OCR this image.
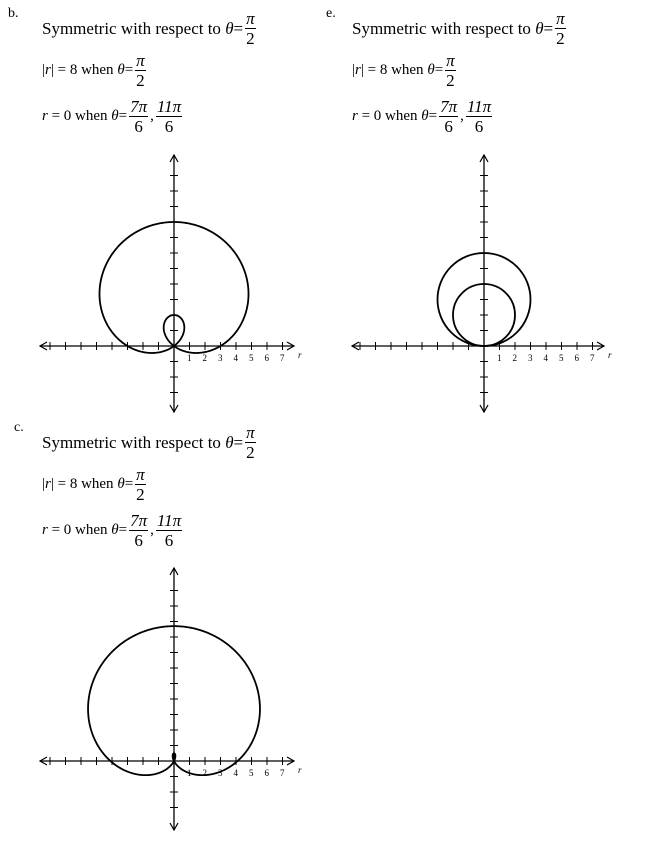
b.
Symmetric with respect to
$\theta = \frac{\pi}{2}$
| r | = 8 when
$\theta = \frac{\pi}{2}$
r
= 0 when
$\theta = \frac{7\pi}{6}$ , $\frac{11\pi}{6}$
1 2 3 4 5 6 7 r	1 2 3 4 5 6 7 r
1 2 3 4 5 6 7 r
e.
Symmetric with respect to
$\theta = \frac{\pi}{2}$
| r | = 8 when
$\theta = \frac{\pi}{2}$
r
= 0 when
$\theta = \frac{7\pi}{6}$ , $\frac{11\pi}{6}$
c.
Symmetric with respect to
$\theta = \frac{\pi}{2}$
| r | = 8 when
$\theta = \frac{\pi}{2}$
r
= 0 when
$\theta = \frac{7\pi}{6}$ , $\frac{11\pi}{6}$
